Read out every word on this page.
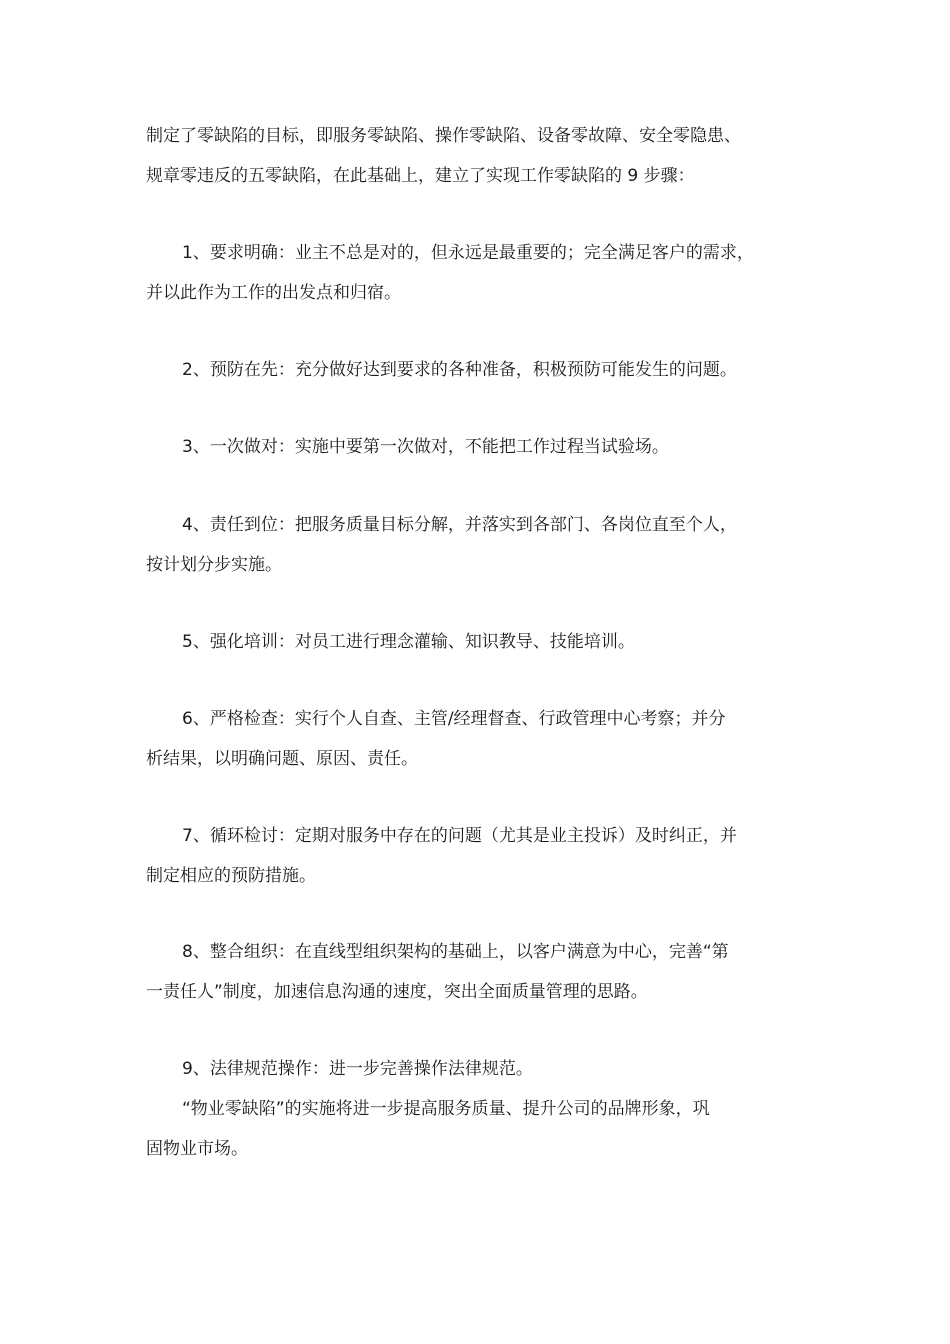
制定了零缺陷的目标，即服务零缺陷、操作零缺陷、设备零故障、安全零隐患、
规章零违反的五零缺陷，在此基础上，建立了实现工作零缺陷的 9 步骤：
1、要求明确：业主不总是对的，但永远是最重要的；完全满足客户的需求，
并以此作为工作的出发点和归宿。
2、预防在先：充分做好达到要求的各种准备，积极预防可能发生的问题。
3、一次做对：实施中要第一次做对，不能把工作过程当试验场。
4、责任到位：把服务质量目标分解，并落实到各部门、各岗位直至个人，
按计划分步实施。
5、强化培训：对员工进行理念灌输、知识教导、技能培训。
6、严格检查：实行个人自查、主管/经理督查、行政管理中心考察；并分
析结果，以明确问题、原因、责任。
7、循环检讨：定期对服务中存在的问题（尤其是业主投诉）及时纠正，并
制定相应的预防措施。
8、整合组织：在直线型组织架构的基础上，以客户满意为中心，完善“第
一责任人”制度，加速信息沟通的速度，突出全面质量管理的思路。
9、法律规范操作：进一步完善操作法律规范。
“物业零缺陷”的实施将进一步提高服务质量、提升公司的品牌形象，巩
固物业市场。
